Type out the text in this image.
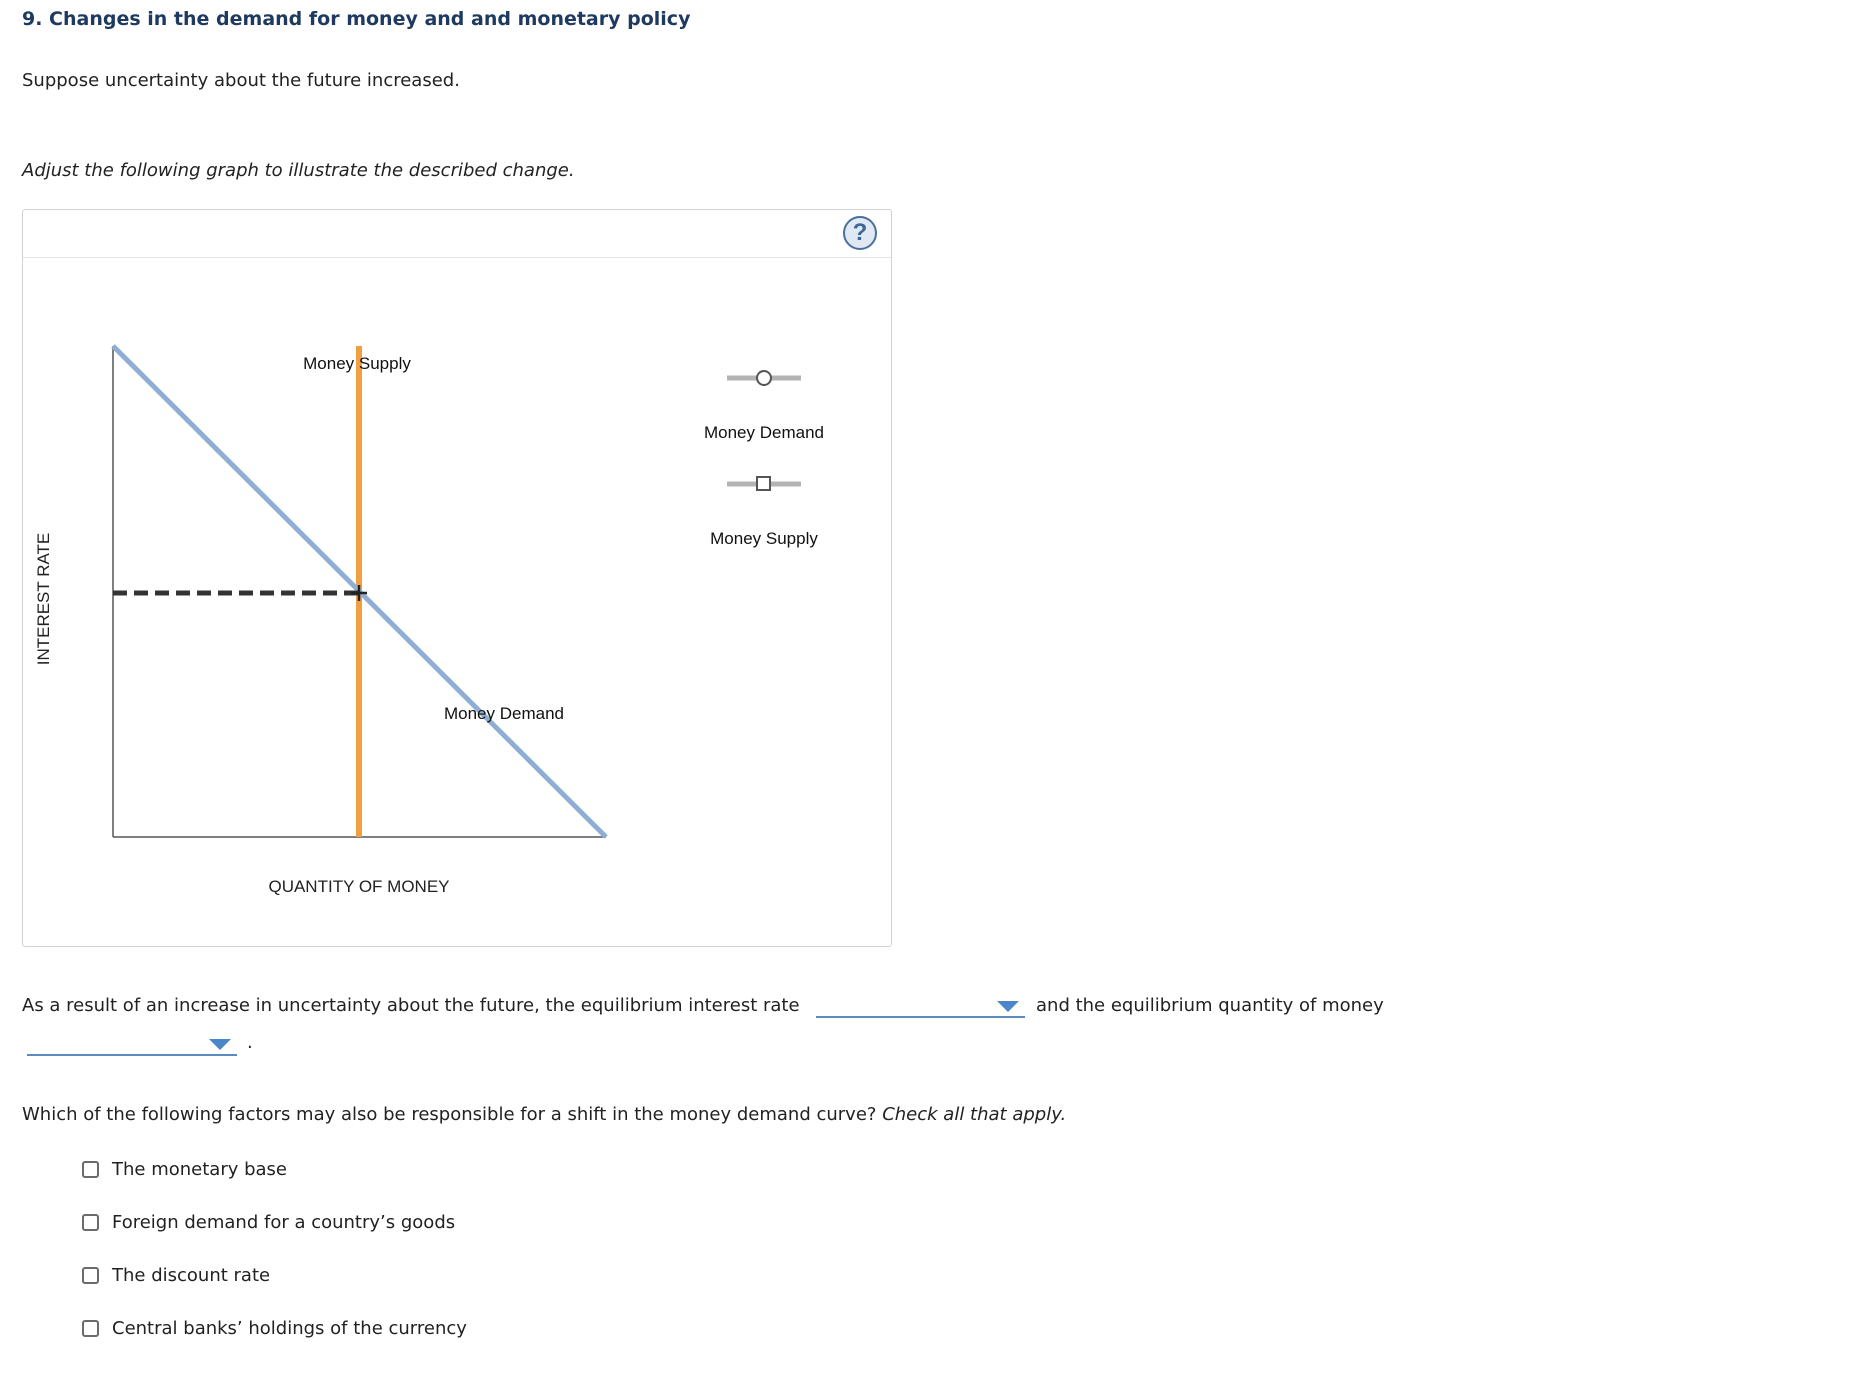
9. Changes in the demand for money and and monetary policy
Suppose uncertainty about the future increased.
Adjust the following graph to illustrate the described change.
?
INTEREST RATE
Money Supply
Money Demand
QUANTITY OF MONEY
Money Demand
Money Supply
As a result of an increase in uncertainty about the future, the equilibrium interest rate	and the equilibrium quantity of money
.
Which of the following factors may also be responsible for a shift in the money demand curve? Check all that apply.
The monetary base
Foreign demand for a country’s goods
The discount rate
Central banks’ holdings of the currency
